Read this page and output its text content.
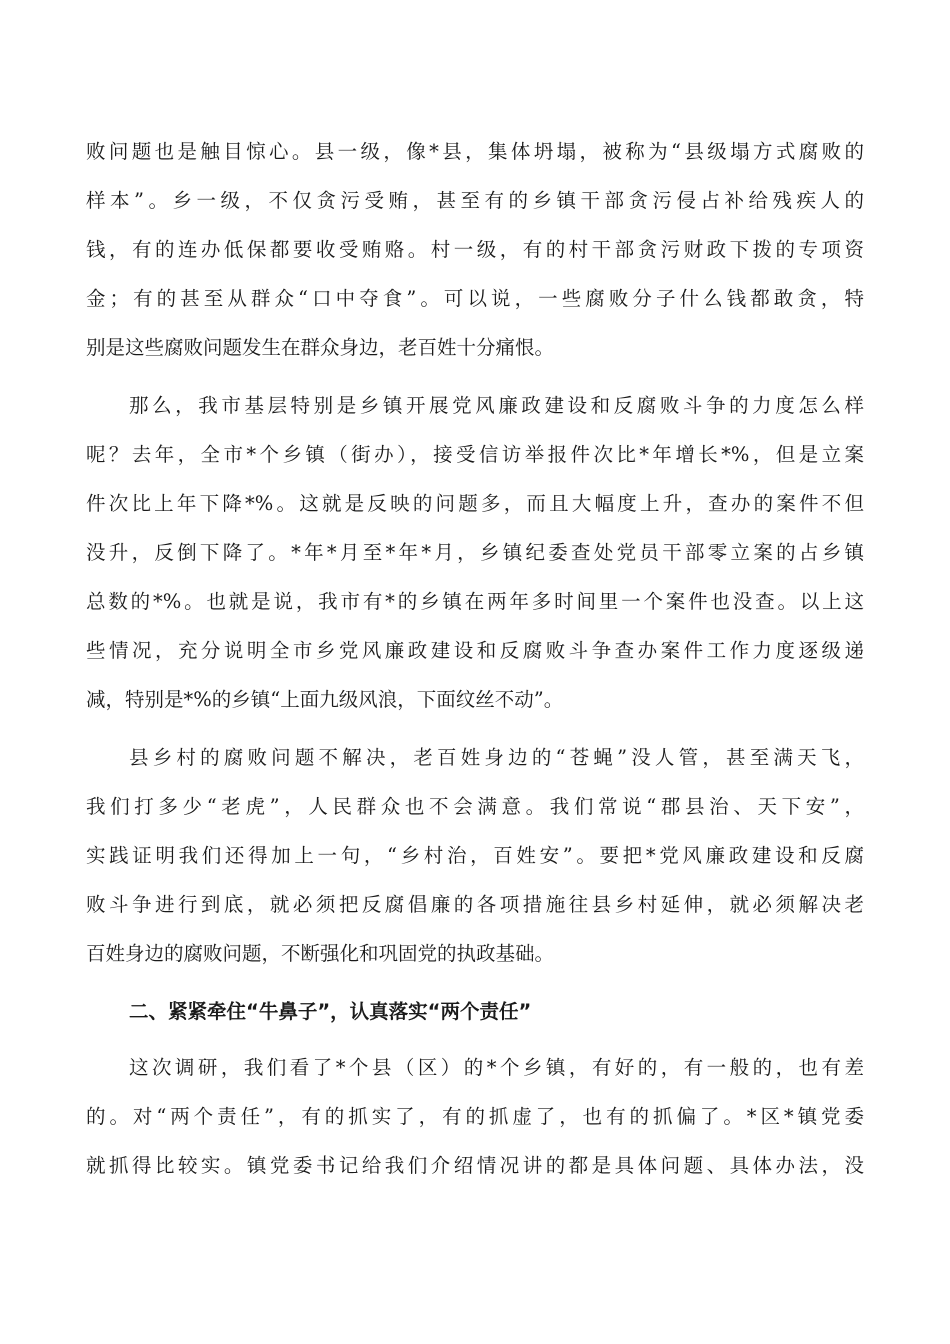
败问题也是触目惊心。县一级，像*县，集体坍塌，被称为“县级塌方式腐败的
样本”。乡一级，不仅贪污受贿，甚至有的乡镇干部贪污侵占补给残疾人的
钱，有的连办低保都要收受贿赂。村一级，有的村干部贪污财政下拨的专项资
金；有的甚至从群众“口中夺食”。可以说，一些腐败分子什么钱都敢贪，特
别是这些腐败问题发生在群众身边，老百姓十分痛恨。
那么，我市基层特别是乡镇开展党风廉政建设和反腐败斗争的力度怎么样
呢？去年，全市*个乡镇（街办），接受信访举报件次比*年增长*%，但是立案
件次比上年下降*%。这就是反映的问题多，而且大幅度上升，查办的案件不但
没升，反倒下降了。*年*月至*年*月，乡镇纪委查处党员干部零立案的占乡镇
总数的*%。也就是说，我市有*的乡镇在两年多时间里一个案件也没查。以上这
些情况，充分说明全市乡党风廉政建设和反腐败斗争查办案件工作力度逐级递
减，特别是*%的乡镇“上面九级风浪，下面纹丝不动”。
县乡村的腐败问题不解决，老百姓身边的“苍蝇”没人管，甚至满天飞，
我们打多少“老虎”，人民群众也不会满意。我们常说“郡县治、天下安”，
实践证明我们还得加上一句，“乡村治，百姓安”。要把*党风廉政建设和反腐
败斗争进行到底，就必须把反腐倡廉的各项措施往县乡村延伸，就必须解决老
百姓身边的腐败问题，不断强化和巩固党的执政基础。
二、紧紧牵住“牛鼻子”，认真落实“两个责任”
这次调研，我们看了*个县（区）的*个乡镇，有好的，有一般的，也有差
的。对“两个责任”，有的抓实了，有的抓虚了，也有的抓偏了。*区*镇党委
就抓得比较实。镇党委书记给我们介绍情况讲的都是具体问题、具体办法，没
